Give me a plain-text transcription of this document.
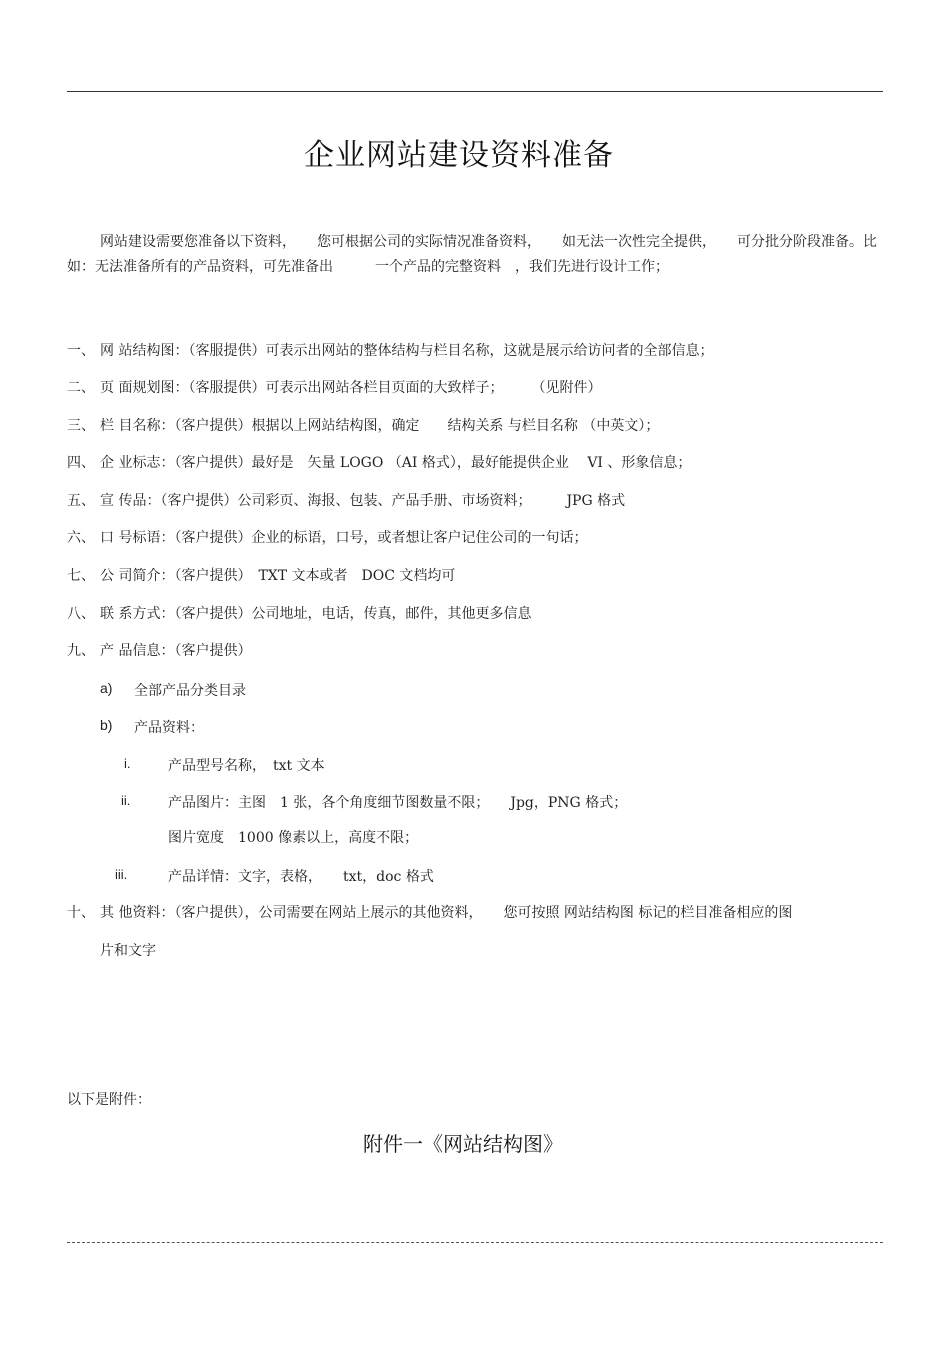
企业网站建设资料准备
网站建设需要您准备以下资料，　　您可根据公司的实际情况准备资料，　　如无法一次性完全提供，　　可分批分阶段准备。比如：无法准备所有的产品资料，可先准备出　　　一个产品的完整资料　，我们先进行设计工作；
一、 网 站结构图：（客服提供）可表示出网站的整体结构与栏目名称，这就是展示给访问者的全部信息；
二、 页 面规划图：（客服提供）可表示出网站各栏目页面的大致样子；　　　（见附件）
三、 栏 目名称：（客户提供）根据以上网站结构图，确定　　结构关系 与栏目名称 （中英文）；
四、 企 业标志：（客户提供）最好是　矢量 LOGO （AI 格式），最好能提供企业　 VI 、形象信息；
五、 宣 传品：（客户提供）公司彩页、海报、包装、产品手册、市场资料；　　　JPG 格式
六、 口 号标语：（客户提供）企业的标语，口号，或者想让客户记住公司的一句话；
七、 公 司简介：（客户提供）　TXT 文本或者　DOC 文档均可
八、 联 系方式：（客户提供）公司地址，电话，传真，邮件，其他更多信息
九、 产 品信息：（客户提供）
a) 全部产品分类目录
b) 产品资料：
i.	产品型号名称，　txt 文本
ii.	产品图片：主图　1 张，各个角度细节图数量不限；　　Jpg，PNG 格式；
图片宽度　1000 像素以上，高度不限；
iii.	产品详情：文字，表格，　　txt，doc 格式
十、 其 他资料：（客户提供），公司需要在网站上展示的其他资料，　　您可按照 网站结构图 标记的栏目准备相应的图
片和文字
以下是附件：
附件一《网站结构图》
